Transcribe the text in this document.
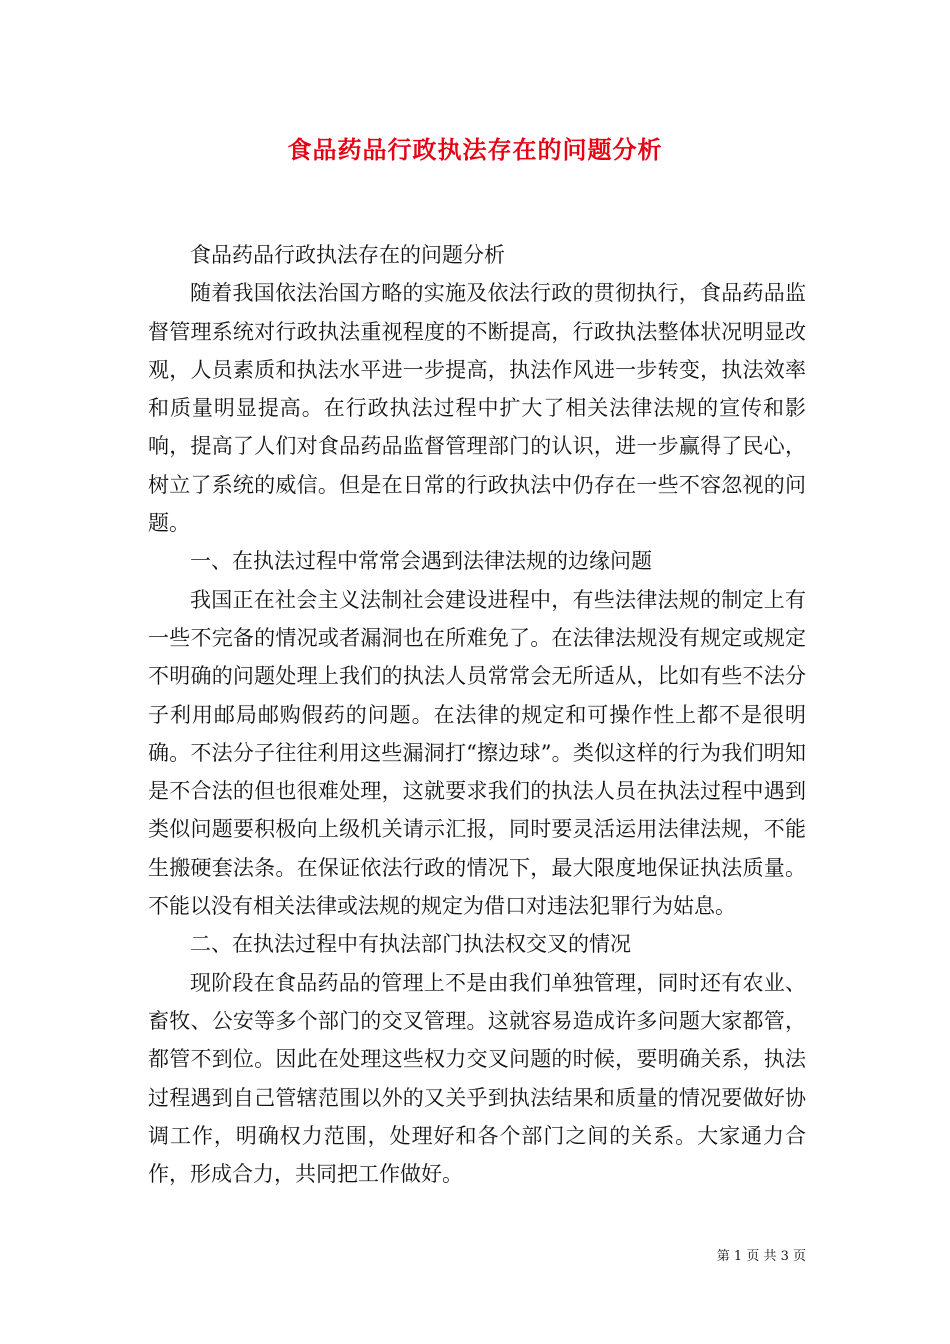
食品药品行政执法存在的问题分析

食品药品行政执法存在的问题分析

随着我国依法治国方略的实施及依法行政的贯彻执行，食品药品监督管理系统对行政执法重视程度的不断提高，行政执法整体状况明显改观，人员素质和执法水平进一步提高，执法作风进一步转变，执法效率和质量明显提高。在行政执法过程中扩大了相关法律法规的宣传和影响，提高了人们对食品药品监督管理部门的认识，进一步赢得了民心，树立了系统的威信。但是在日常的行政执法中仍存在一些不容忽视的问题。

一、在执法过程中常常会遇到法律法规的边缘问题

我国正在社会主义法制社会建设进程中，有些法律法规的制定上有一些不完备的情况或者漏洞也在所难免了。在法律法规没有规定或规定不明确的问题处理上我们的执法人员常常会无所适从，比如有些不法分子利用邮局邮购假药的问题。在法律的规定和可操作性上都不是很明确。不法分子往往利用这些漏洞打“擦边球”。类似这样的行为我们明知是不合法的但也很难处理，这就要求我们的执法人员在执法过程中遇到类似问题要积极向上级机关请示汇报，同时要灵活运用法律法规，不能生搬硬套法条。在保证依法行政的情况下，最大限度地保证执法质量。不能以没有相关法律或法规的规定为借口对违法犯罪行为姑息。

二、在执法过程中有执法部门执法权交叉的情况

现阶段在食品药品的管理上不是由我们单独管理，同时还有农业、畜牧、公安等多个部门的交叉管理。这就容易造成许多问题大家都管，都管不到位。因此在处理这些权力交叉问题的时候，要明确关系，执法过程遇到自己管辖范围以外的又关乎到执法结果和质量的情况要做好协调工作，明确权力范围，处理好和各个部门之间的关系。大家通力合作，形成合力，共同把工作做好。

第 1 页 共 3 页
